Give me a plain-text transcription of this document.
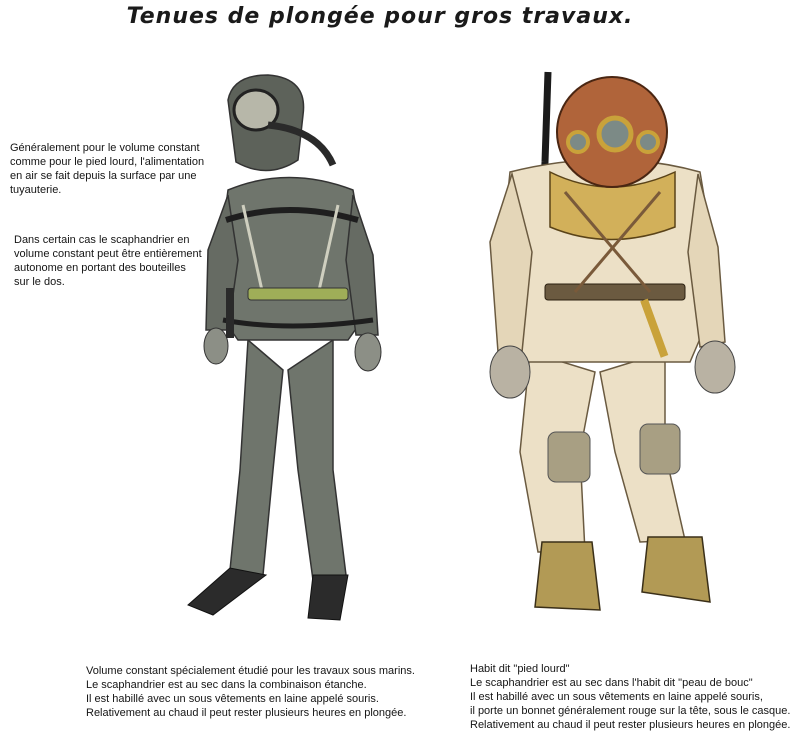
Tenues de plongée pour gros travaux.
Généralement pour le volume constant
comme pour le pied lourd, l'alimentation
en air se fait depuis la surface par une
tuyauterie.
Dans certain cas le scaphandrier en
volume constant peut être entièrement
autonome en portant des bouteilles
sur le dos.
Volume constant spécialement étudié pour les travaux sous marins.
Le scaphandrier est au sec dans la combinaison étanche.
Il est habillé avec un sous vêtements en laine appelé souris.
Relativement au chaud il peut rester plusieurs heures en plongée.
Habit dit "pied lourd"
Le scaphandrier est au sec dans l'habit dit "peau de bouc"
Il est habillé avec un sous vêtements en laine appelé souris,
il porte un bonnet généralement rouge sur la tête, sous le casque.
Relativement au chaud il peut rester plusieurs heures en plongée.
